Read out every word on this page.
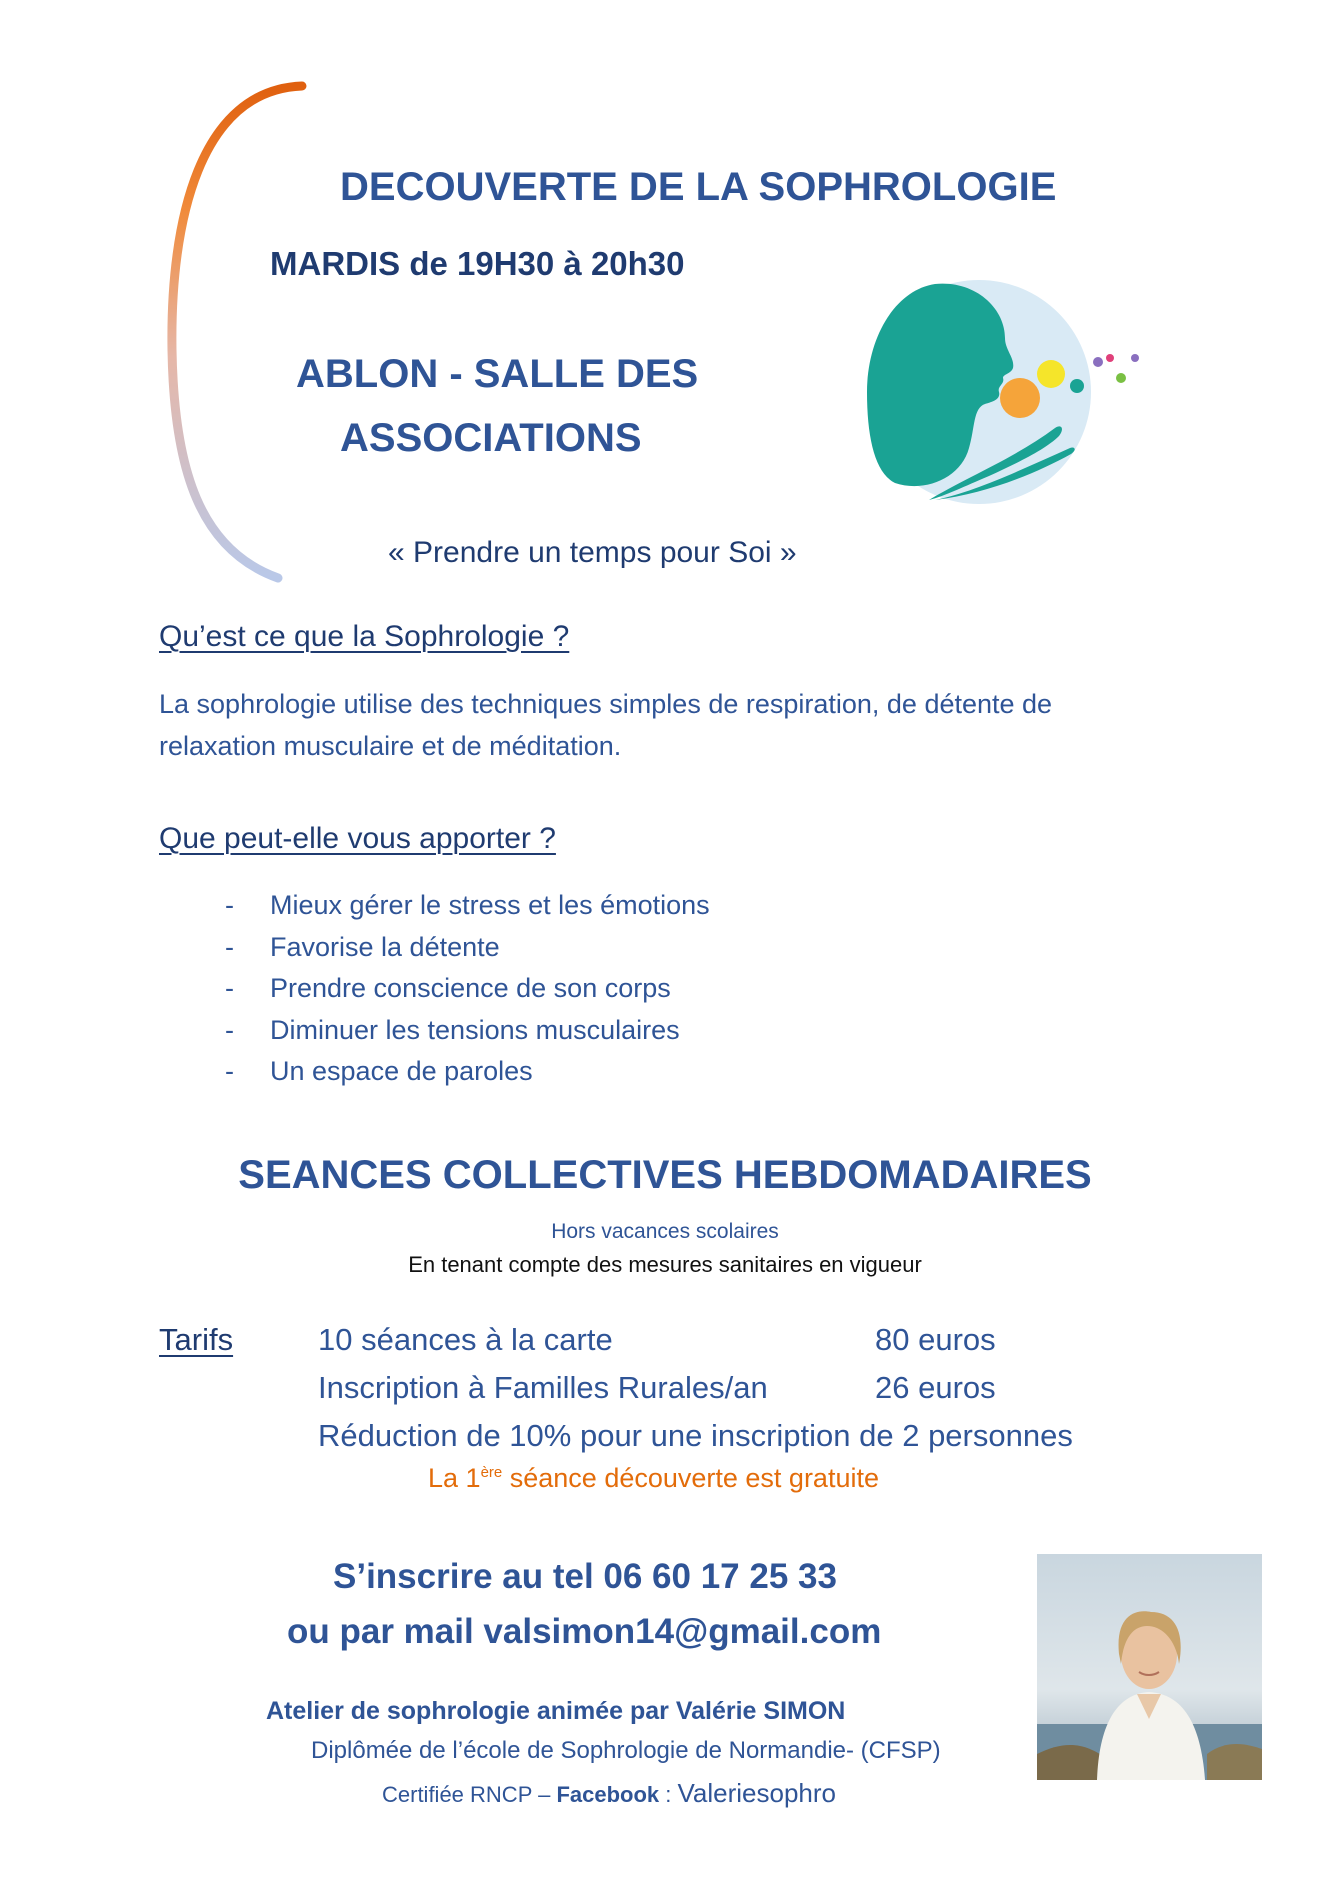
DECOUVERTE DE LA SOPHROLOGIE
MARDIS de 19H30 à 20h30
ABLON - SALLE DES
ASSOCIATIONS
« Prendre un temps pour Soi »
Qu’est ce que la Sophrologie ?
La sophrologie utilise des techniques simples de respiration, de détente de relaxation musculaire et de méditation.
Que peut-elle vous apporter ?
- Mieux gérer le stress et les émotions
- Favorise la détente
- Prendre conscience de son corps
- Diminuer les tensions musculaires
- Un espace de paroles
SEANCES COLLECTIVES HEBDOMADAIRES
Hors vacances scolaires
En tenant compte des mesures sanitaires en vigueur
Tarifs	10 séances à la carte	80 euros
Inscription à Familles Rurales/an	26 euros
Réduction de 10% pour une inscription de 2 personnes
La 1ère séance découverte est gratuite
S’inscrire au tel 06 60 17 25 33
ou par mail valsimon14@gmail.com
Atelier de sophrologie animée par Valérie SIMON
Diplômée de l’école de Sophrologie de Normandie- (CFSP)
Certifiée RNCP – Facebook : Valeriesophro
